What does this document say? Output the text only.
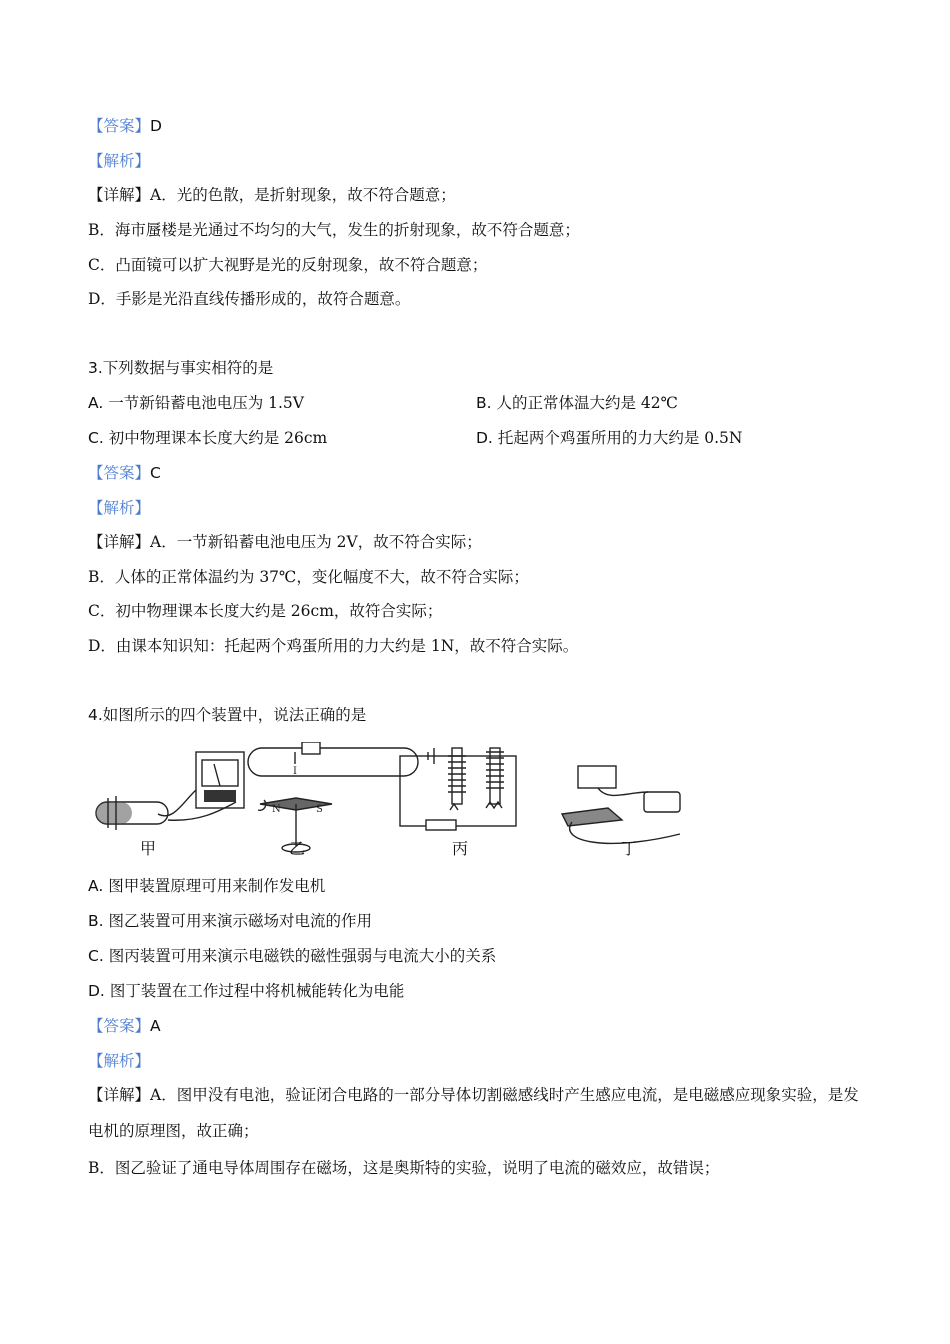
【答案】D
【解析】
【详解】A．光的色散，是折射现象，故不符合题意；
B．海市蜃楼是光通过不均匀的大气，发生的折射现象，故不符合题意；
C．凸面镜可以扩大视野是光的反射现象，故不符合题意；
D．手影是光沿直线传播形成的，故符合题意。
3.下列数据与事实相符的是
A. 一节新铅蓄电池电压为 1.5V	B. 人的正常体温大约是 42℃
C. 初中物理课本长度大约是 26cm	D. 托起两个鸡蛋所用的力大约是 0.5N
【答案】C
【解析】
【详解】A．一节新铅蓄电池电压为 2V，故不符合实际；
B．人体的正常体温约为 37℃，变化幅度不大，故不符合实际；
C．初中物理课本长度大约是 26cm，故符合实际；
D．由课本知识知：托起两个鸡蛋所用的力大约是 1N，故不符合实际。
4.如图所示的四个装置中，说法正确的是
N	S
I
甲	乙	丙	丁
A. 图甲装置原理可用来制作发电机
B. 图乙装置可用来演示磁场对电流的作用
C. 图丙装置可用来演示电磁铁的磁性强弱与电流大小的关系
D. 图丁装置在工作过程中将机械能转化为电能
【答案】A
【解析】
【详解】A．图甲没有电池，验证闭合电路的一部分导体切割磁感线时产生感应电流，是电磁感应现象实验，是发电机的原理图，故正确；
B．图乙验证了通电导体周围存在磁场，这是奥斯特的实验，说明了电流的磁效应，故错误；
